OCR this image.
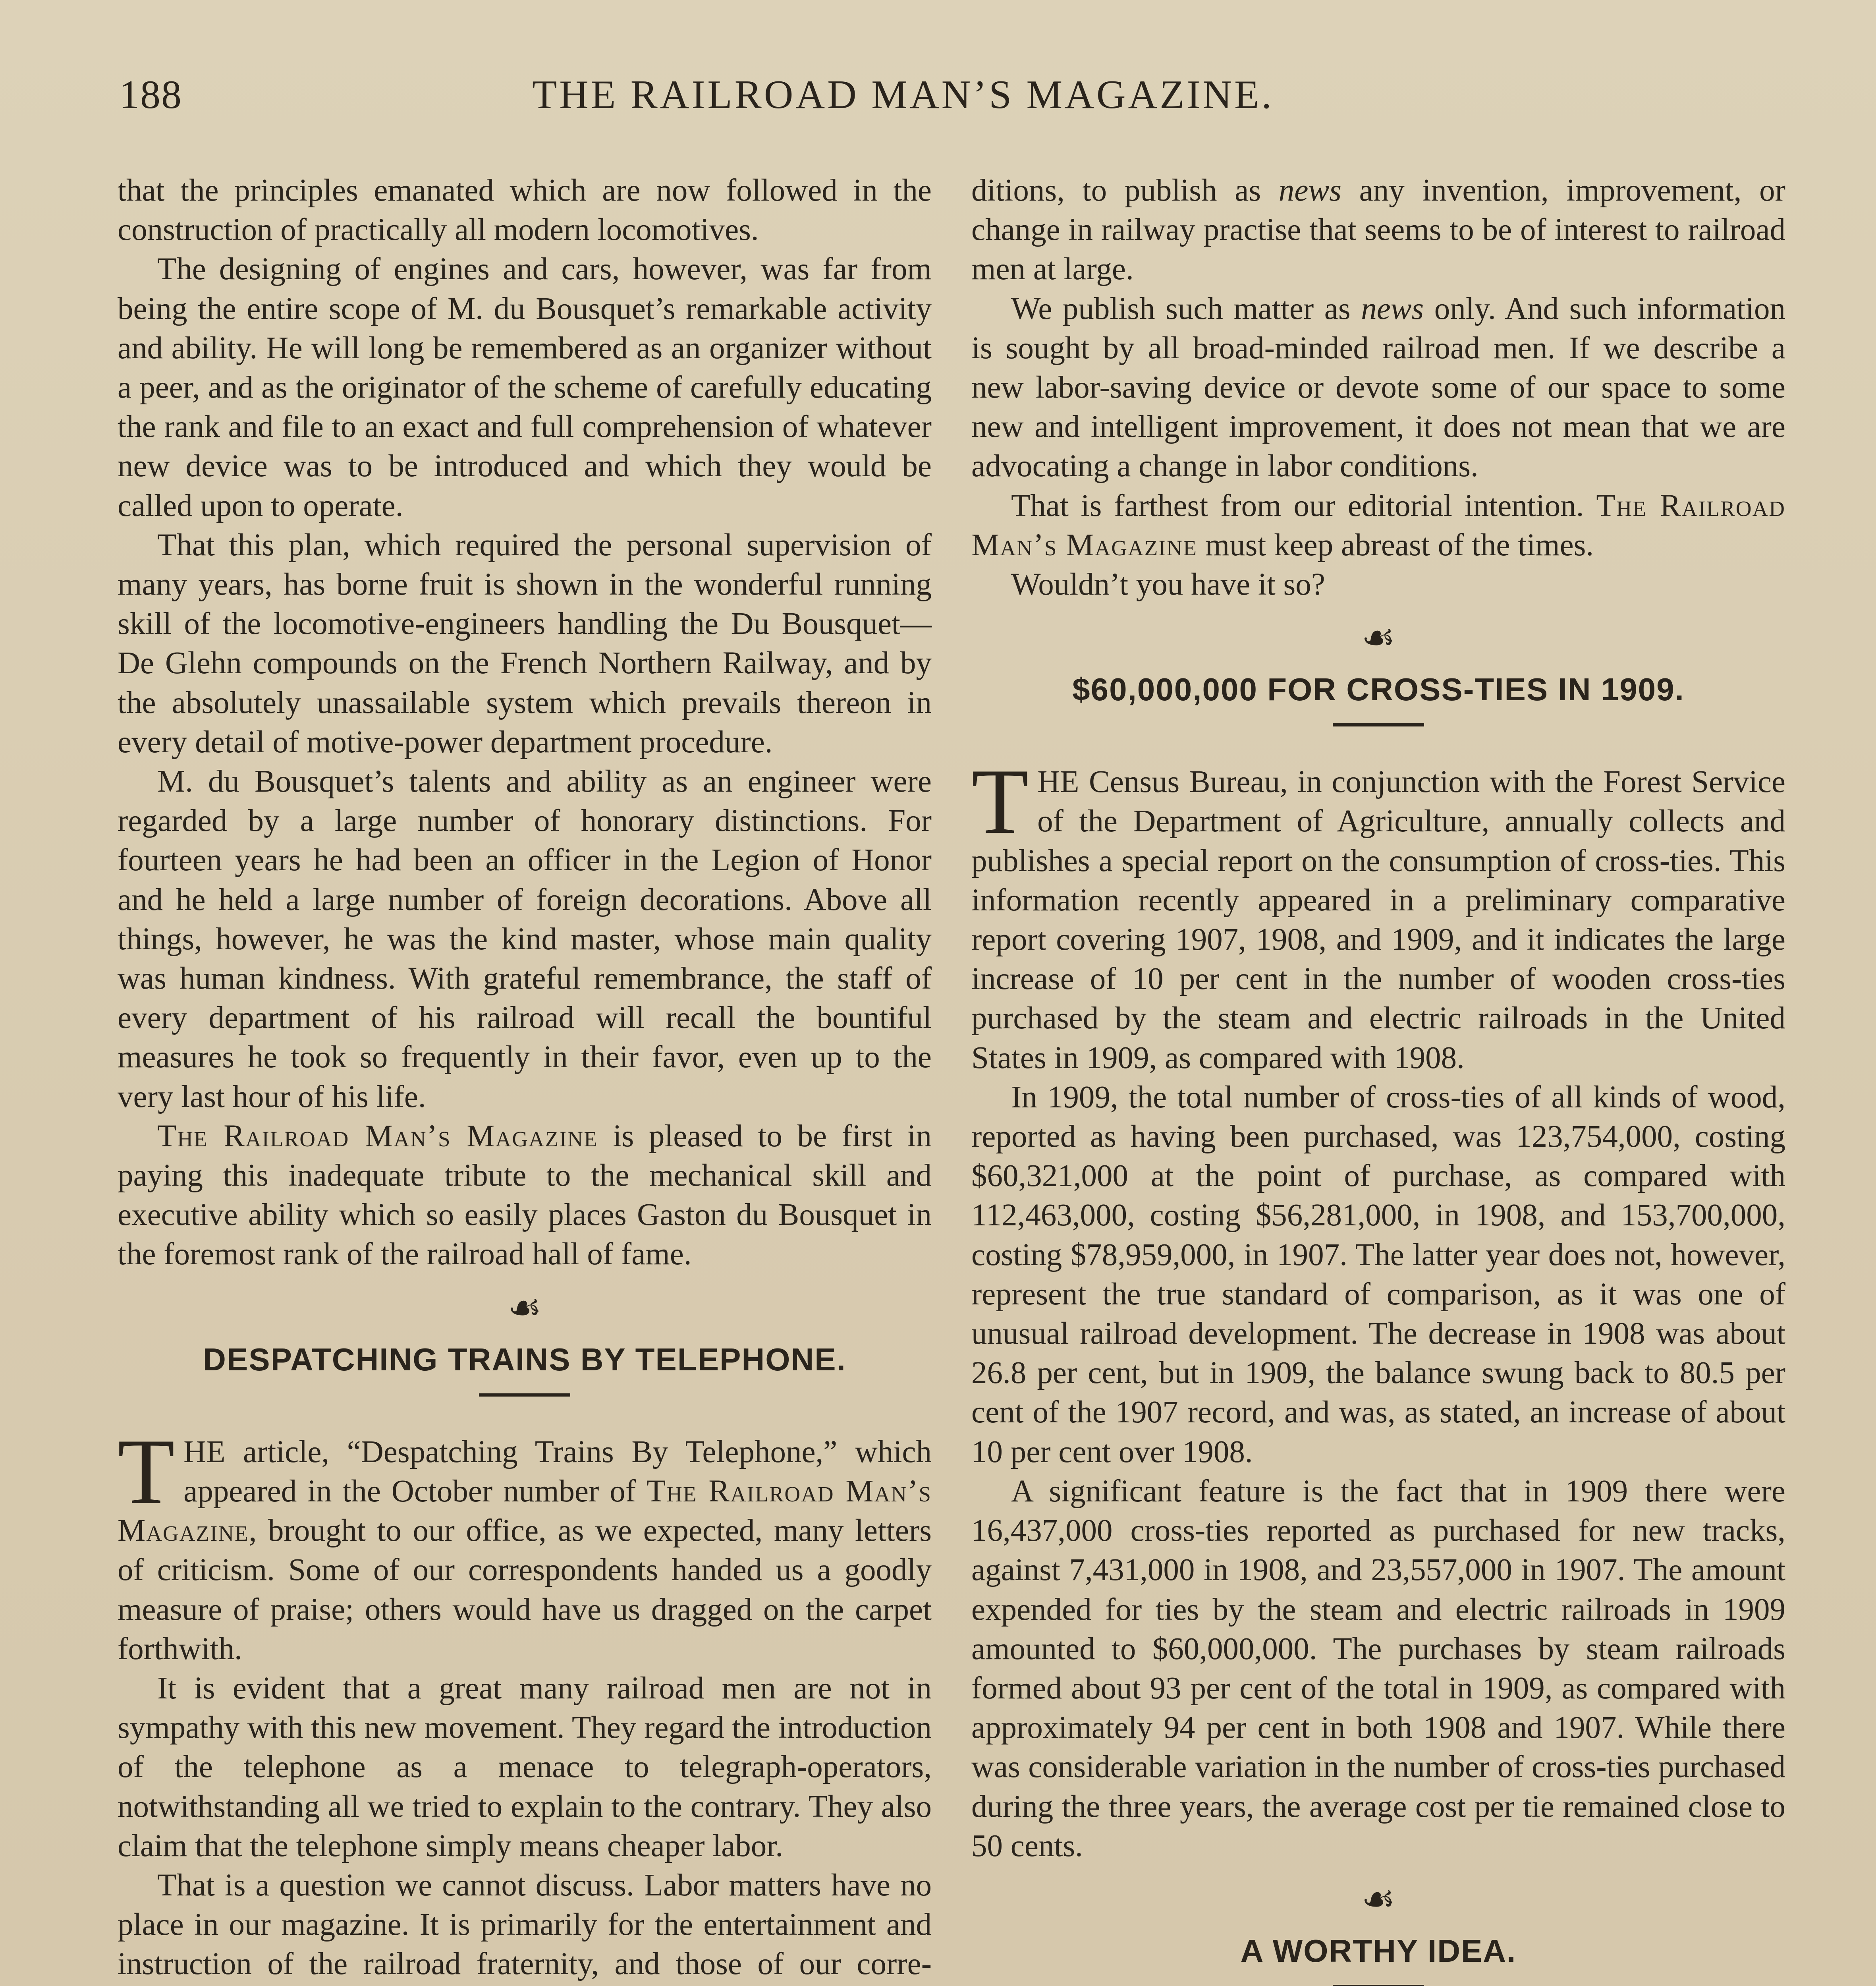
188	THE RAILROAD MAN’S MAGAZINE.

that the principles emanated which are now followed in the construction of practically all modern locomotives.

The designing of engines and cars, however, was far from being the entire scope of M. du Bousquet’s remarkable activity and ability. He will long be remembered as an organizer without a peer, and as the originator of the scheme of carefully educating the rank and file to an exact and full comprehension of whatever new device was to be introduced and which they would be called upon to operate.

That this plan, which required the personal supervision of many years, has borne fruit is shown in the wonderful running skill of the locomotive-engineers handling the Du Bousquet—De Glehn compounds on the French Northern Railway, and by the absolutely unassailable system which prevails thereon in every detail of motive-power department procedure.

M. du Bousquet’s talents and ability as an engineer were regarded by a large number of honorary distinctions. For fourteen years he had been an officer in the Legion of Honor and he held a large number of foreign decorations. Above all things, however, he was the kind master, whose main quality was human kindness. With grateful remembrance, the staff of every department of his railroad will recall the bountiful measures he took so frequently in their favor, even up to the very last hour of his life.

The Railroad Man’s Magazine is pleased to be first in paying this inadequate tribute to the mechanical skill and executive ability which so easily places Gaston du Bousquet in the foremost rank of the railroad hall of fame.

☙
DESPATCHING TRAINS BY TELEPHONE.

THE article, “Despatching Trains By Telephone,” which appeared in the October number of The Railroad Man’s Magazine, brought to our office, as we expected, many letters of criticism. Some of our correspondents handed us a goodly measure of praise; others would have us dragged on the carpet forthwith.

It is evident that a great many railroad men are not in sympathy with this new movement. They regard the introduction of the telephone as a menace to telegraph-operators, notwithstanding all we tried to explain to the contrary. They also claim that the telephone simply means cheaper labor.

That is a question we cannot discuss. Labor matters have no place in our magazine. It is primarily for the entertainment and instruction of the railroad fraternity, and those of our corre

ditions, to publish as news any invention, improvement, or change in railway practise that seems to be of interest to railroad men at large.

We publish such matter as news only. And such information is sought by all broad-minded railroad men. If we describe a new labor-saving device or devote some of our space to some new and intelligent improvement, it does not mean that we are advocating a change in labor conditions.

That is farthest from our editorial intention. The Railroad Man’s Magazine must keep abreast of the times.

Wouldn’t you have it so?

☙
$60,000,000 FOR CROSS-TIES IN 1909.

THE Census Bureau, in conjunction with the Forest Service of the Department of Agriculture, annually collects and publishes a special report on the consumption of cross-ties. This information recently appeared in a preliminary comparative report covering 1907, 1908, and 1909, and it indicates the large increase of 10 per cent in the number of wooden cross-ties purchased by the steam and electric railroads in the United States in 1909, as compared with 1908.

In 1909, the total number of cross-ties of all kinds of wood, reported as having been purchased, was 123,754,000, costing $60,321,000 at the point of purchase, as compared with 112,463,000, costing $56,281,000, in 1908, and 153,700,000, costing $78,959,000, in 1907. The latter year does not, however, represent the true standard of comparison, as it was one of unusual railroad development. The decrease in 1908 was about 26.8 per cent, but in 1909, the balance swung back to 80.5 per cent of the 1907 record, and was, as stated, an increase of about 10 per cent over 1908.

A significant feature is the fact that in 1909 there were 16,437,000 cross-ties reported as purchased for new tracks, against 7,431,000 in 1908, and 23,557,000 in 1907. The amount expended for ties by the steam and electric railroads in 1909 amounted to $60,000,000. The purchases by steam railroads formed about 93 per cent of the total in 1909, as compared with approximately 94 per cent in both 1908 and 1907. While there was considerable variation in the number of cross-ties purchased during the three years, the average cost per tie remained close to 50 cents.

☙
A WORTHY IDEA.
